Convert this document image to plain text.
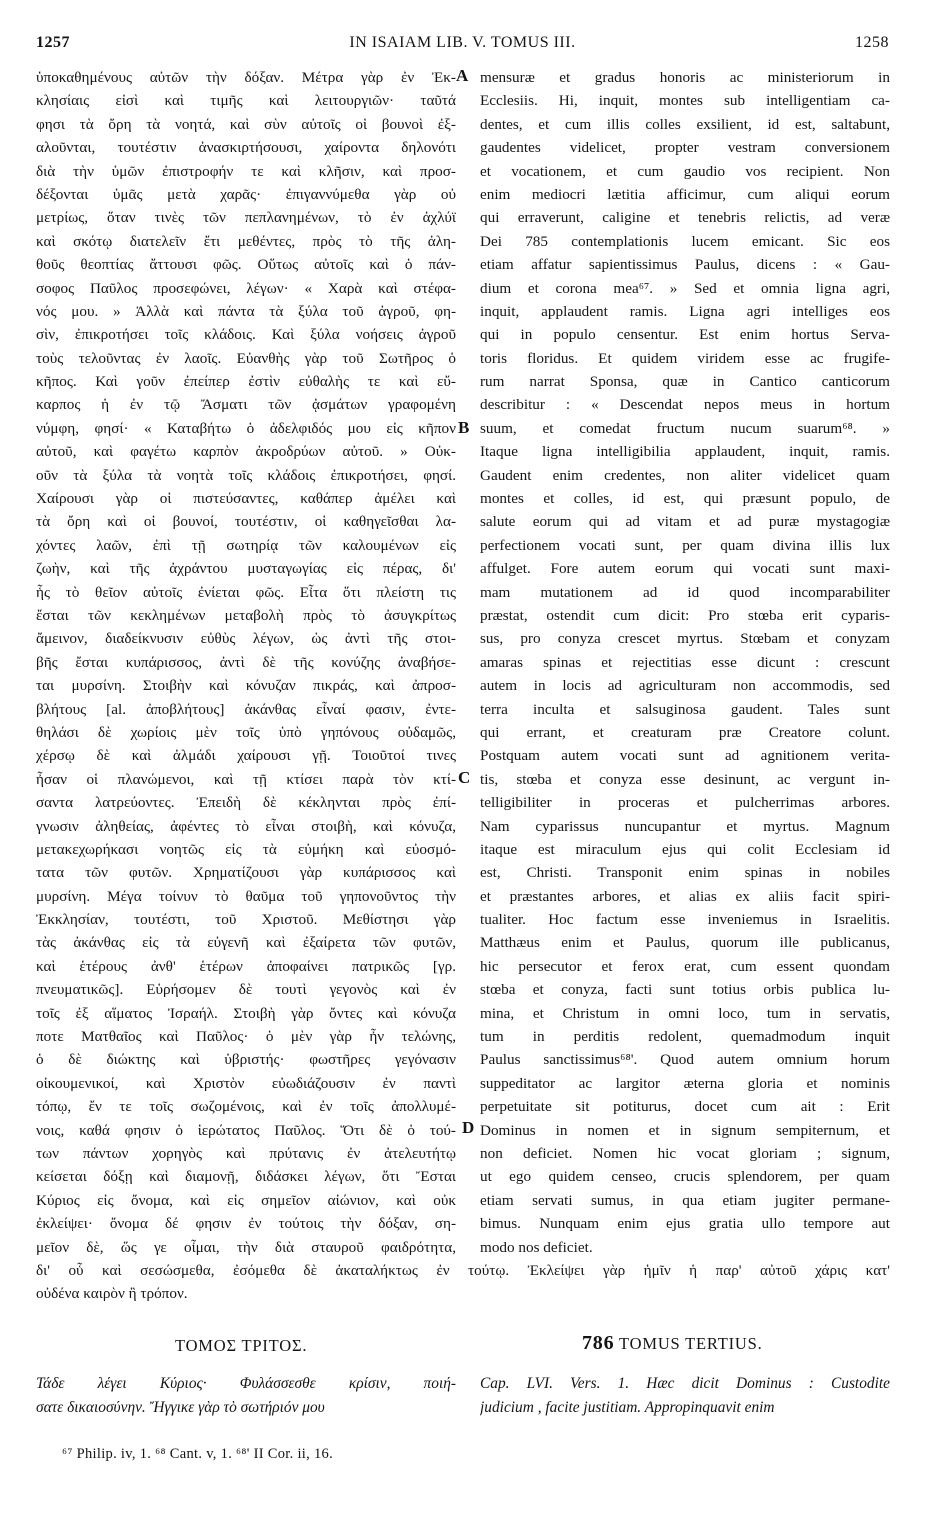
1257	IN ISAIAM LIB. V. TOMUS III.	1258
ὑποκαθημένους αὐτῶν τὴν δόξαν. Μέτρα γὰρ ἐν Ἐκ-
κλησίαις εἰσὶ καὶ τιμῆς καὶ λειτουργιῶν· ταῦτά
φησι τὰ ὄρη τὰ νοητά, καὶ σὺν αὐτοῖς οἱ βουνοὶ ἐξ-
αλοῦνται, τουτέστιν ἀνασκιρτήσουσι, χαίροντα δηλονότι
διὰ τὴν ὑμῶν ἐπιστροφήν τε καὶ κλῆσιν, καὶ προσ-
δέξονται ὑμᾶς μετὰ χαρᾶς· ἐπιγαννύμεθα γὰρ οὐ
μετρίως, ὅταν τινὲς τῶν πεπλανημένων, τὸ ἐν ἀχλύϊ
καὶ σκότῳ διατελεῖν ἔτι μεθέντες, πρὸς τὸ τῆς ἀλη-
θοῦς θεοπτίας ἄττουσι φῶς. Οὕτως αὐτοῖς καὶ ὁ πάν-
σοφος Παῦλος προσεφώνει, λέγων· « Χαρὰ καὶ στέφα-
νός μου. » Ἀλλὰ καὶ πάντα τὰ ξύλα τοῦ ἀγροῦ, φη-
σὶν, ἐπικροτήσει τοῖς κλάδοις. Καὶ ξύλα νοήσεις ἀγροῦ
τοὺς τελοῦντας ἐν λαοῖς. Εὐανθὴς γὰρ τοῦ Σωτῆρος ὁ
κῆπος. Καὶ γοῦν ἐπείπερ ἐστὶν εὐθαλὴς τε καὶ εὔ-
καρπος ἡ ἐν τῷ Ἄσματι τῶν ᾀσμάτων γραφομένη
νύμφη, φησί· « Καταβήτω ὁ ἀδελφιδός μου εἰς κῆπον
αὐτοῦ, καὶ φαγέτω καρπὸν ἀκροδρύων αὐτοῦ. » Οὐκ-
οῦν τὰ ξύλα τὰ νοητὰ τοῖς κλάδοις ἐπικροτήσει, φησί.
Χαίρουσι γὰρ οἱ πιστεύσαντες, καθάπερ ἀμέλει καὶ
τὰ ὄρη καὶ οἱ βουνοί, τουτέστιν, οἱ καθηγεῖσθαι λα-
χόντες λαῶν, ἐπὶ τῇ σωτηρίᾳ τῶν καλουμένων εἰς
ζωὴν, καὶ τῆς ἀχράντου μυσταγωγίας εἰς πέρας, δι'
ἧς τὸ θεῖον αὐτοῖς ἐνίεται φῶς. Εἶτα ὅτι πλείστη τις
ἔσται τῶν κεκλημένων μεταβολὴ πρὸς τὸ ἀσυγκρίτως
ἄμεινον, διαδείκνυσιν εὐθὺς λέγων, ὡς ἀντὶ τῆς στοι-
βῆς ἔσται κυπάρισσος, ἀντὶ δὲ τῆς κονύζης ἀναβήσε-
ται μυρσίνη. Στοιβὴν καὶ κόνυζαν πικράς, καὶ ἀπροσ-
βλήτους [al. ἀποβλήτους] ἀκάνθας εἶναί φασιν, ἐντε-
θηλάσι δὲ χωρίοις μὲν τοῖς ὑπὸ γηπόνους οὐδαμῶς,
χέρσῳ δὲ καὶ ἀλμάδι χαίρουσι γῇ. Τοιοῦτοί τινες
ἦσαν οἱ πλανώμενοι, καὶ τῇ κτίσει παρὰ τὸν κτί-
σαντα λατρεύοντες. Ἐπειδὴ δὲ κέκληνται πρὸς ἐπί-
γνωσιν ἀληθείας, ἀφέντες τὸ εἶναι στοιβὴ, καὶ κόνυζα,
μετακεχωρήκασι νοητῶς εἰς τὰ εὐμήκη καὶ εὐοσμό-
τατα τῶν φυτῶν. Χρηματίζουσι γὰρ κυπάρισσος καὶ
μυρσίνη. Μέγα τοίνυν τὸ θαῦμα τοῦ γηπονοῦντος τὴν
Ἐκκλησίαν, τουτέστι, τοῦ Χριστοῦ. Μεθίστησι γὰρ
τὰς ἀκάνθας εἰς τὰ εὐγενῆ καὶ ἐξαίρετα τῶν φυτῶν,
καὶ ἑτέρους ἀνθ' ἑτέρων ἀποφαίνει πατρικῶς [γρ.
πνευματικῶς]. Εὑρήσομεν δὲ τουτὶ γεγονὸς καὶ ἐν
τοῖς ἐξ αἵματος Ἰσραήλ. Στοιβὴ γὰρ ὄντες καὶ κόνυζα
ποτε Ματθαῖος καὶ Παῦλος· ὁ μὲν γὰρ ἦν τελώνης,
ὁ δὲ διώκτης καὶ ὑβριστής· φωστῆρες γεγόνασιν
οἰκουμενικοί, καὶ Χριστὸν εὐωδιάζουσιν ἐν παντὶ
τόπῳ, ἔν τε τοῖς σωζομένοις, καὶ ἐν τοῖς ἀπολλυμέ-
νοις, καθά φησιν ὁ ἱερώτατος Παῦλος. Ὅτι δὲ ὁ τού-
των πάντων χορηγὸς καὶ πρύτανις ἐν ἀτελευτήτῳ
κείσεται δόξῃ καὶ διαμονῇ, διδάσκει λέγων, ὅτι Ἔσται
Κύριος εἰς ὄνομα, καὶ εἰς σημεῖον αἰώνιον, καὶ οὐκ
ἐκλείψει· ὄνομα δέ φησιν ἐν τούτοις τὴν δόξαν, ση-
μεῖον δὲ, ὥς γε οἶμαι, τὴν διὰ σταυροῦ φαιδρότητα,
δι' οὗ καὶ σεσώσμεθα, ἐσόμεθα δὲ ἀκαταλήκτως ἐν τούτῳ. Ἐκλείψει γὰρ ἡμῖν ἡ παρ' αὐτοῦ χάρις κατ'
οὐδένα καιρὸν ἢ τρόπον.
mensuræ et gradus honoris ac ministeriorum in
Ecclesiis. Hi, inquit, montes sub intelligentiam ca-
dentes, et cum illis colles exsilient, id est, saltabunt,
gaudentes videlicet, propter vestram conversionem
et vocationem, et cum gaudio vos recipient. Non
enim mediocri lætitia afficimur, cum aliqui eorum
qui erraverunt, caligine et tenebris relictis, ad veræ
Dei 785 contemplationis lucem emicant. Sic eos
etiam affatur sapientissimus Paulus, dicens : « Gau-
dium et corona mea⁶⁷. » Sed et omnia ligna agri,
inquit, applaudent ramis. Ligna agri intelliges eos
qui in populo censentur. Est enim hortus Serva-
toris floridus. Et quidem viridem esse ac frugife-
rum narrat Sponsa, quæ in Cantico canticorum
describitur : « Descendat nepos meus in hortum
suum, et comedat fructum nucum suarum⁶⁸. »
Itaque ligna intelligibilia applaudent, inquit, ramis.
Gaudent enim credentes, non aliter videlicet quam
montes et colles, id est, qui præsunt populo, de
salute eorum qui ad vitam et ad puræ mystagogiæ
perfectionem vocati sunt, per quam divina illis lux
affulget. Fore autem eorum qui vocati sunt maxi-
mam mutationem ad id quod incomparabiliter
præstat, ostendit cum dicit: Pro stœba erit cyparis-
sus, pro conyza crescet myrtus. Stœbam et conyzam
amaras spinas et rejectitias esse dicunt : crescunt
autem in locis ad agriculturam non accommodis, sed
terra inculta et salsuginosa gaudent. Tales sunt
qui errant, et creaturam præ Creatore colunt.
Postquam autem vocati sunt ad agnitionem verita-
tis, stœba et conyza esse desinunt, ac vergunt in-
telligibiliter in proceras et pulcherrimas arbores.
Nam cyparissus nuncupantur et myrtus. Magnum
itaque est miraculum ejus qui colit Ecclesiam id
est, Christi. Transponit enim spinas in nobiles
et præstantes arbores, et alias ex aliis facit spiri-
tualiter. Hoc factum esse inveniemus in Israelitis.
Matthæus enim et Paulus, quorum ille publicanus,
hic persecutor et ferox erat, cum essent quondam
stœba et conyza, facti sunt totius orbis publica lu-
mina, et Christum in omni loco, tum in servatis,
tum in perditis redolent, quemadmodum inquit
Paulus sanctissimus⁶⁸'. Quod autem omnium horum
suppeditator ac largitor æterna gloria et nominis
perpetuitate sit potiturus, docet cum ait : Erit
Dominus in nomen et in signum sempiternum, et
non deficiet. Nomen hic vocat gloriam ; signum,
ut ego quidem censeo, crucis splendorem, per quam
etiam servati sumus, in qua etiam jugiter permane-
bimus. Nunquam enim ejus gratia ullo tempore aut
modo nos deficiet.
A
B
C
D
ΤΟΜΟΣ ΤΡΙΤΟΣ.	786 TOMUS TERTIUS.
Τάδε λέγει Κύριος· Φυλάσσεσθε κρίσιν, ποιή-
σατε δικαιοσύνην. Ἤγγικε γὰρ τὸ σωτήριόν μου
Cap. LVI. Vers. 1. Hæc dicit Dominus : Custodite
judicium , facite justitiam. Appropinquavit enim
⁶⁷ Philip. iv, 1. ⁶⁸ Cant. v, 1. ⁶⁸' II Cor. ii, 16.
